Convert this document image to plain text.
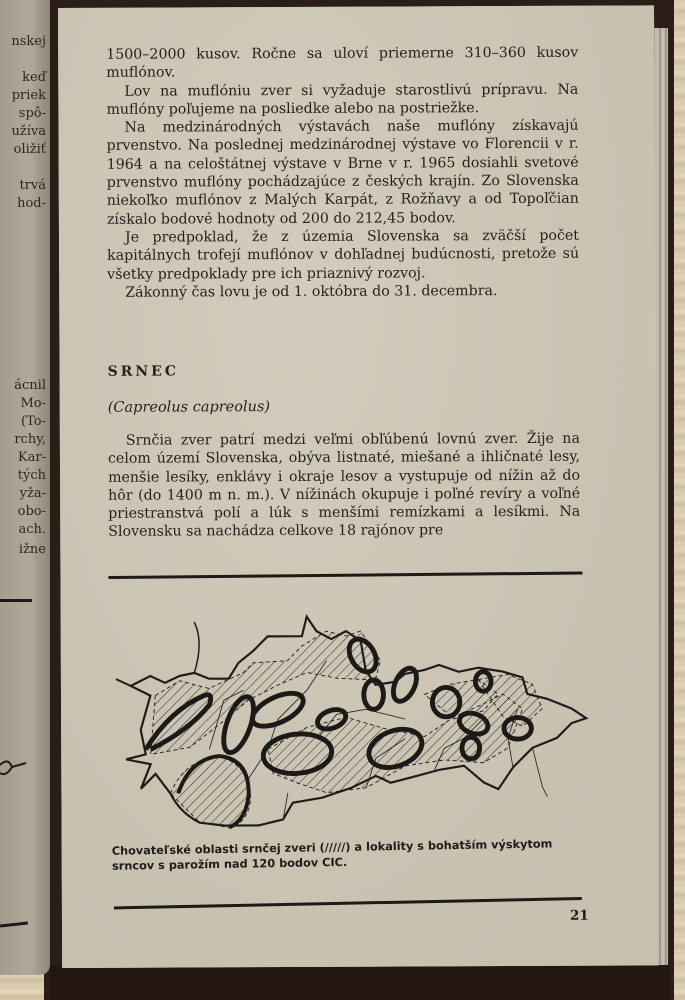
nskej
keď
priek
spô-
užíva
oližiť
trvá
hod-
ácnil
Mo-
(To-
rchy,
Kar-
tých
yža-
obo-
ach.
ižne

1500–2000 kusov. Ročne sa uloví priemerne 310–360 kusov muflónov.

Lov na muflóniu zver si vyžaduje starostlivú prípravu. Na muflóny poľujeme na posliedke alebo na postriežke.

Na medzinárodných výstavách naše muflóny získavajú prvenstvo. Na poslednej medzinárodnej výstave vo Florencii v r. 1964 a na celoštátnej výstave v Brne v r. 1965 dosiahli svetové prvenstvo muflóny pochádzajúce z českých krajín. Zo Slovenska niekoľko muflónov z Malých Karpát, z Rožňavy a od Topoľčian získalo bodové hodnoty od 200 do 212,45 bodov.

Je predpoklad, že z územia Slovenska sa zväčší počet kapitálnych trofejí muflónov v dohľadnej budúcnosti, pretože sú všetky predpoklady pre ich priaznivý rozvoj.

Zákonný čas lovu je od 1. októbra do 31. decembra.

SRNEC
(Capreolus capreolus)

Srnčia zver patrí medzi veľmi obľúbenú lovnú zver. Žije na celom území Slovenska, obýva listnaté, miešané a ihličnaté lesy, menšie lesíky, enklávy i okraje lesov a vystupuje od nížin až do hôr (do 1400 m n. m.). V nížinách okupuje i poľné revíry a voľné priestranstvá polí a lúk s menšími remízkami a lesíkmi. Na Slovensku sa nachádza celkove 18 rajónov pre

Chovateľské oblasti srnčej zveri (/////) a lokality s bohatším výskytom srncov s parožím nad 120 bodov CIC.
21
